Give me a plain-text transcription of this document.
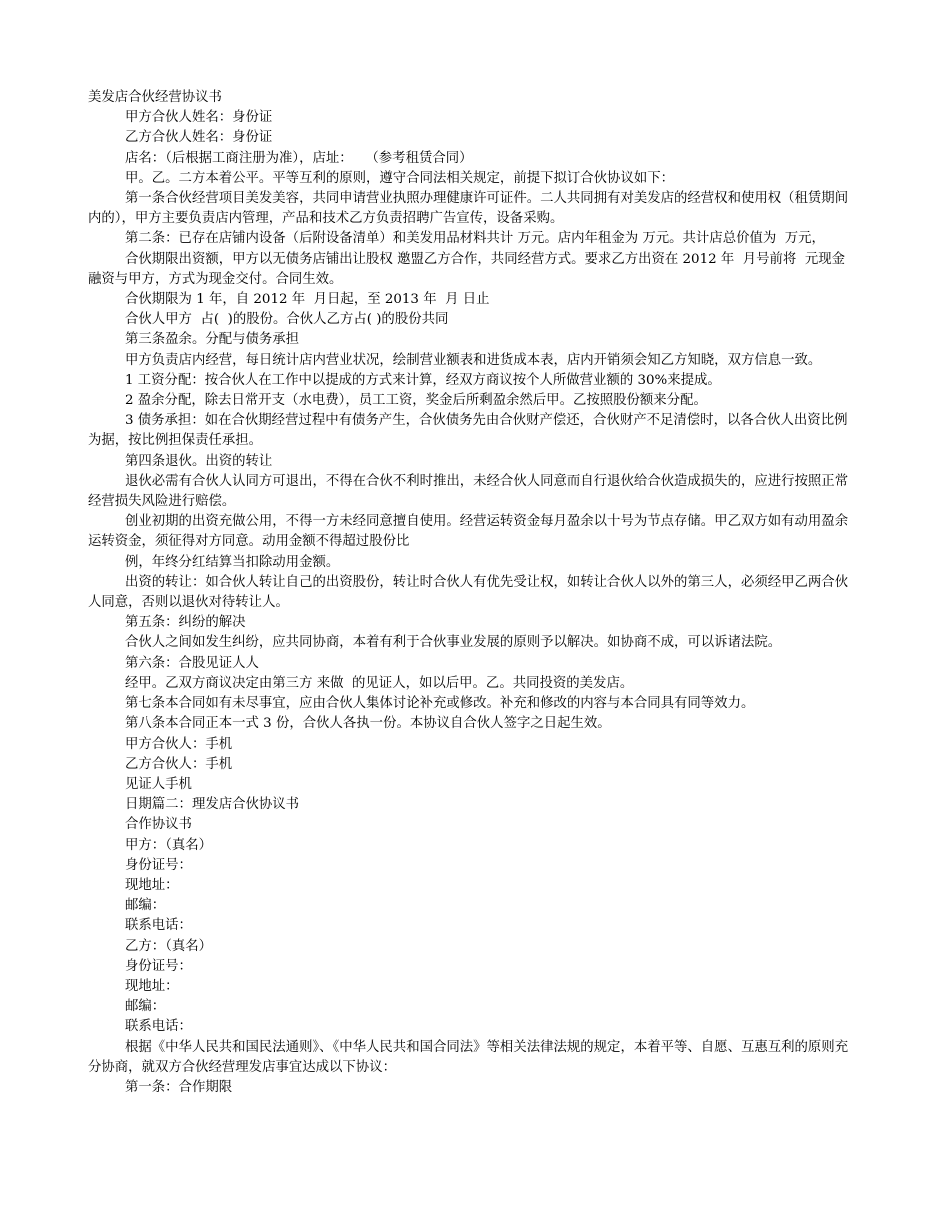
美发店合伙经营协议书
甲方合伙人姓名：身份证
乙方合伙人姓名：身份证
店名：（后根据工商注册为准），店址：   （参考租赁合同）
甲。乙。二方本着公平。平等互利的原则，遵守合同法相关规定，前提下拟订合伙协议如下：
第一条合伙经营项目美发美容，共同申请营业执照办理健康许可证件。二人共同拥有对美发店的经营权和使用权（租赁期间内的），甲方主要负责店内管理，产品和技术乙方负责招聘广告宣传，设备采购。
第二条：已存在店铺内设备（后附设备清单）和美发用品材料共计 万元。店内年租金为 万元。共计店总价值为  万元，
合伙期限出资额，甲方以无债务店铺出让股权 邀盟乙方合作，共同经营方式。要求乙方出资在 2012 年  月号前将  元现金融资与甲方，方式为现金交付。合同生效。
合伙期限为 1 年，自 2012 年  月日起，至 2013 年  月 日止
合伙人甲方  占(  )的股份。合伙人乙方占( )的股份共同
第三条盈余。分配与债务承担
甲方负责店内经营，每日统计店内营业状况，绘制营业额表和进货成本表，店内开销须会知乙方知晓，双方信息一致。
1 工资分配：按合伙人在工作中以提成的方式来计算，经双方商议按个人所做营业额的 30%来提成。
2 盈余分配，除去日常开支（水电费），员工工资，奖金后所剩盈余然后甲。乙按照股份额来分配。
3 债务承担：如在合伙期经营过程中有债务产生，合伙债务先由合伙财产偿还，合伙财产不足清偿时，以各合伙人出资比例为据，按比例担保责任承担。
第四条退伙。出资的转让
退伙必需有合伙人认同方可退出，不得在合伙不利时推出，未经合伙人同意而自行退伙给合伙造成损失的，应进行按照正常经营损失风险进行赔偿。
创业初期的出资充做公用，不得一方未经同意擅自使用。经营运转资金每月盈余以十号为节点存储。甲乙双方如有动用盈余运转资金，须征得对方同意。动用金额不得超过股份比
例，年终分红结算当扣除动用金额。
出资的转让：如合伙人转让自己的出资股份，转让时合伙人有优先受让权，如转让合伙人以外的第三人，必须经甲乙两合伙人同意，否则以退伙对待转让人。
第五条：纠纷的解决
合伙人之间如发生纠纷，应共同协商，本着有利于合伙事业发展的原则予以解决。如协商不成，可以诉诸法院。
第六条：合股见证人人
经甲。乙双方商议决定由第三方 来做  的见证人，如以后甲。乙。共同投资的美发店。
第七条本合同如有未尽事宜，应由合伙人集体讨论补充或修改。补充和修改的内容与本合同具有同等效力。
第八条本合同正本一式 3 份，合伙人各执一份。本协议自合伙人签字之日起生效。
甲方合伙人：手机
乙方合伙人：手机
见证人手机
日期篇二：理发店合伙协议书
合作协议书
甲方：（真名）
身份证号：
现地址：
邮编：
联系电话：
乙方：（真名）
身份证号：
现地址：
邮编：
联系电话：
根据《中华人民共和国民法通则》、《中华人民共和国合同法》等相关法律法规的规定，本着平等、自愿、互惠互利的原则充分协商，就双方合伙经营理发店事宜达成以下协议：
第一条：合作期限
